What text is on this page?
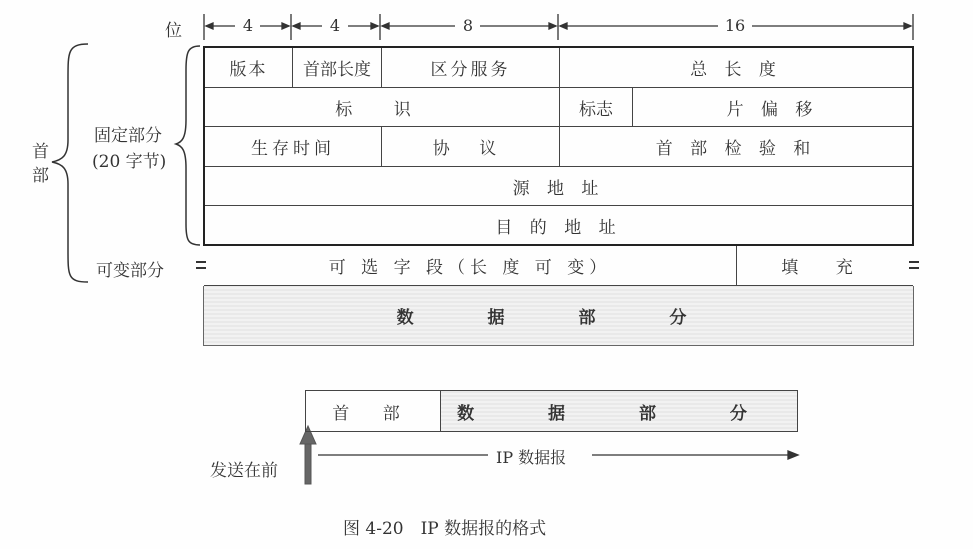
位	4	4	8	16
首
部
固定部分
(20 字节)
可变部分
版本	首部长度	区分服务	总 长 度
标 识	标志	片 偏 移
生存时间	协 议	首 部 检 验 和
源 地 址
目 的 地 址
可 选 字 段（长 度 可 变）	填 充
数 据 部 分
首 部	数 据 部 分
发送在前
IP 数据报
图 4-20　IP 数据报的格式
